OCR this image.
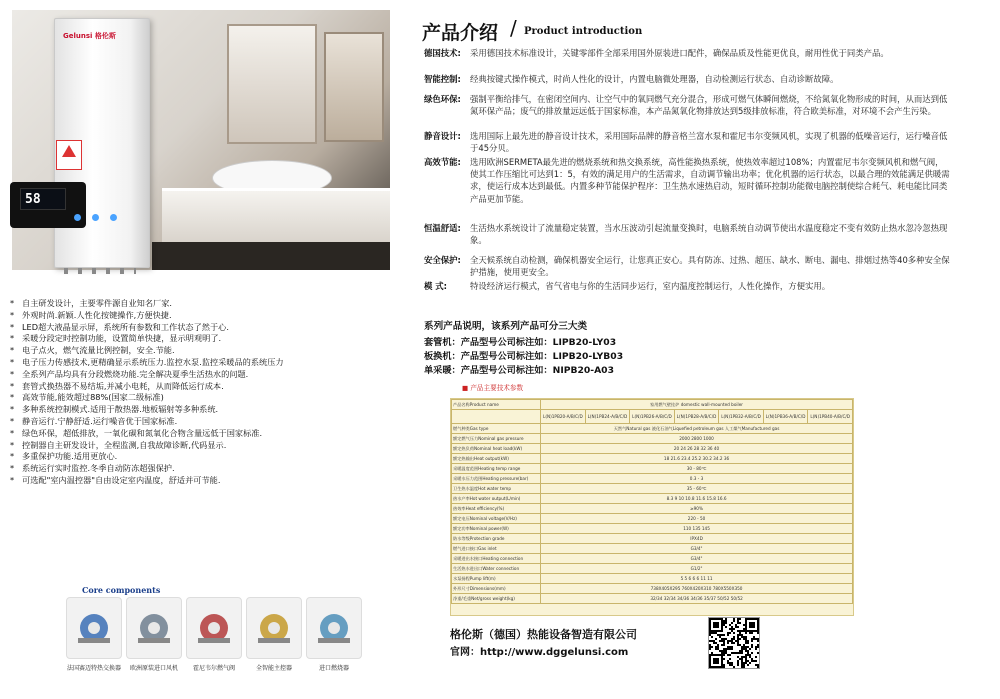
Gelunsi 格伦斯
58
* 自主研发设计，主要零件源自业知名厂家.
* 外观时尚.新颖.人性化按键操作,方便快捷.
* LED超大液晶显示屏，系统所有参数和工作状态了然于心.
* 采暖分段定时控制功能，设置简单快捷，显示明观明了.
* 电子点火，燃气流量比例控制，安全.节能.
* 电子压力传感技术,更精确显示系统压力.监控水泵.监控采暖品的系统压力
* 全系列产品均具有分段燃烧功能.完全解决夏季生活热水的问题.
* 套管式换热器不易结垢,并减小电耗，从而降低运行成本.
* 高效节能,能效超过88%(国家二级标准)
* 多种系统控制模式.适用于散热器.地板辐射等多种系统.
* 静音运行.宁静舒适.运行噪音优于国家标准.
* 绿色环保，超低排放，一氧化碳和氮氧化合物含量远低于国家标准.
* 控制器自主研发设计，全程监测,自我故障诊断,代码显示.
* 多重保护功能.适用更放心.
* 系统运行实时监控.冬季自动防冻超强保护.
* 可选配"室内温控器"自由设定室内温度，舒适并可节能.
Core components
法国赛迈特热交换器	欧洲原装进口风机	霍尼韦尔燃气阀	全智能主控器	进口燃烧器
产品介绍 / Product introduction
德国技术: 采用德国技术标准设计，关键零部件全部采用国外原装进口配件，确保品质及性能更优良，耐用性优于同类产品。
智能控制: 经典按键式操作模式，时尚人性化的设计，内置电脑微处理器，自动检测运行状态、自动诊断故障。
绿色环保: 强制平衡给排气，在密闭空间内、让空气中的氧同燃气充分混合，形成可燃气体瞬间燃烧，不给氮氧化物形成的时间，从而达到低氮环保产品；废气的排放量远远低于国家标准，本产品氮氧化物排放达到5级排放标准，符合欧美标准，对环境不会产生污染。
静音设计: 选用国际上最先进的静音设计技术，采用国际品牌的静音格兰富水泵和霍尼韦尔变频风机，实现了机器的低噪音运行，运行噪音低于45分贝。
高效节能: 选用欧洲SERMETA最先进的燃烧系统和热交换系统，高性能换热系统，使热效率超过108%；内置霍尼韦尔变频风机和燃气阀，使其工作压缩比可达到1：5，有效的满足用户的生活需求，自动调节输出功率；优化机器的运行状态，以最合理的效能满足供暖需求，使运行成本达到最低。内置多种节能保护程序：卫生热水速热启动，短时循环控制功能微电脑控制使综合耗气、耗电能比同类产品更加节能。
恒温舒适: 生活热水系统设计了流量稳定装置，当水压波动引起流量变换时，电脑系统自动调节使出水温度稳定不变有效防止热水忽冷忽热现象。
安全保护: 全天候系统自动检测，确保机器安全运行，让您真正安心。具有防冻、过热、超压、缺水、断电、漏电、排烟过热等40多种安全保护措施，使用更安全。
模 式:	特设经济运行模式，省气省电与你的生活同步运行，室内温度控制运行，人性化操作，方便实用。
系列产品说明，该系列产品可分三大类
套管机：产品型号公司标注如：LIPB20-LY03
板换机：产品型号公司标注如：LIPB20-LYB03
单采暖：产品型号公司标注如：NIPB20-A03
■ 产品主要技术参数
产品名称Product name	家用燃气壁挂炉 domestic wall-mounted boiler						
	L(N)1PB20-A/B/C/D	L(N)1PB24-A/B/C/D	L(N)1PB26-A/B/C/D	L(N)1PB28-A/B/C/D	L(N)1PB32-A/B/C/D	L(N)1PB36-A/B/C/D	L(N)1PB40-A/B/C/D
燃气种类Gas type	天然气Natural gas 液化石油气Liquefied petroleum gas 人工煤气Manufactured gas						
额定燃气压力Nominal gas pressure	2000 2800 1000						
额定热负荷Nominal heat load(kW)	20 24 26 28 32 36 40						
额定热输出Heat output(kW)	18 21.6 23.4 25.2 30.2 34.2 36						
采暖温度范围Heating temp range	30 - 80℃						
采暖水压力范围Heating pressure(bar)	0.3 - 3						
卫生热水温度Hot water temp	35 - 60℃						
热水产率Hot water output(L/min)	8.3 9 10 10.8 11.6 15.8 16.6						
热效率Heat efficiency(%)	≥90%						
额定电压Nominal voltage(V/Hz)	220 - 50						
额定功率Nominal power(W)	110 135 145						
防水等级Protection grade	IPX4D						
燃气进口接口Gas inlet	G3/4"						
采暖进出水接口Heating connection	G3/4"						
生活热水进出口Water connection	G1/2"						
水泵扬程Pump lift(m)	5 5 6 6 6 11 11						
外形尺寸Dimensions(mm)	738X405X295 760X420X310 780X550X350						
净重/毛重Net/gross weight(kg)	32/34 32/34 34/36 34/36 35/37 50/52 50/52						
格伦斯（德国）热能设备智造有限公司
官网：http://www.dggelunsi.com
